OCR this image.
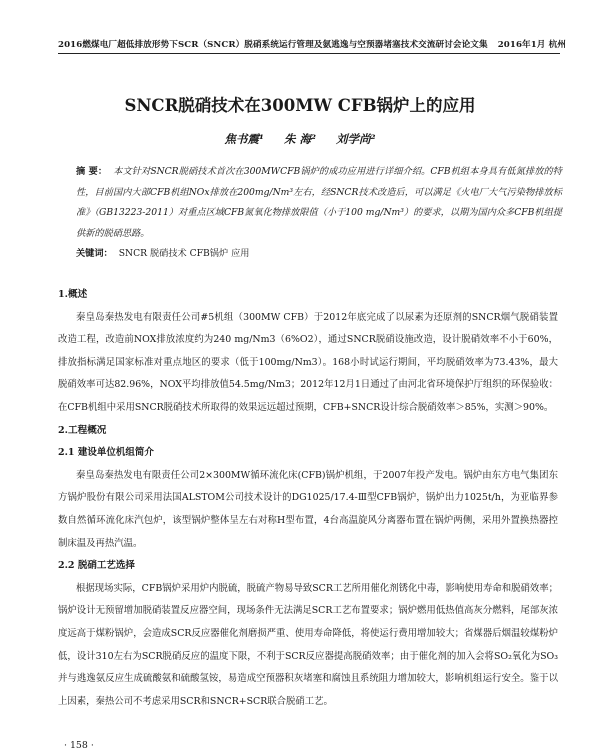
2016燃煤电厂超低排放形势下SCR（SNCR）脱硝系统运行管理及氨逃逸与空预器堵塞技术交流研讨会论文集 2016年1月 杭州
SNCR脱硝技术在300MW CFB锅炉上的应用
焦书震¹ 朱 海² 刘学尚²
摘 要： 本文针对SNCR脱硝技术首次在300MWCFB锅炉的成功应用进行详细介绍。CFB机组本身具有低氮排放的特性，目前国内大部CFB机组NOx排放在200mg/Nm³左右，经SNCR技术改造后，可以满足《火电厂大气污染物排放标准》（GB13223-2011）对重点区域CFB氮氧化物排放限值（小于100 mg/Nm³）的要求，以期为国内众多CFB机组提供新的脱硝思路。
关键词： SNCR 脱硝技术 CFB锅炉 应用
1.概述

秦皇岛秦热发电有限责任公司#5机组（300MW CFB）于2012年底完成了以尿素为还原剂的SNCR烟气脱硝装置改造工程，改造前NOX排放浓度约为240 mg/Nm3（6%O2），通过SNCR脱硝设施改造，设计脱硝效率不小于60%，排放指标满足国家标准对重点地区的要求（低于100mg/Nm3）。168小时试运行期间，平均脱硝效率为73.43%，最大脱硝效率可达82.96%，NOX平均排放值54.5mg/Nm3；2012年12月1日通过了由河北省环境保护厅组织的环保验收：在CFB机组中采用SNCR脱硝技术所取得的效果远远超过预期，CFB+SNCR设计综合脱硝效率＞85%，实测＞90%。

2.工程概况
2.1 建设单位机组简介

秦皇岛秦热发电有限责任公司2×300MW循环流化床(CFB)锅炉机组，于2007年投产发电。锅炉由东方电气集团东方锅炉股份有限公司采用法国ALSTOM公司技术设计的DG1025/17.4-Ⅲ型CFB锅炉，锅炉出力1025t/h，为亚临界参数自然循环流化床汽包炉，该型锅炉整体呈左右对称H型布置，4台高温旋风分离器布置在锅炉两侧，采用外置换热器控制床温及再热汽温。

2.2 脱硝工艺选择

根据现场实际，CFB锅炉采用炉内脱硫，脱硫产物易导致SCR工艺所用催化剂锈化中毒，影响使用寿命和脱硝效率；锅炉设计无预留增加脱硝装置反应器空间，现场条件无法满足SCR工艺布置要求；锅炉燃用低热值高灰分燃料，尾部灰浓度远高于煤粉锅炉，会造成SCR反应器催化剂磨损严重、使用寿命降低，将使运行费用增加较大；省煤器后烟温较煤粉炉低，设计310左右为SCR脱硝反应的温度下限，不利于SCR反应器提高脱硝效率；由于催化剂的加入会将SO₂氧化为SO₃并与逃逸氨反应生成硫酸氨和硫酸氢铵，易造成空预器积灰堵塞和腐蚀且系统阻力增加较大，影响机组运行安全。鉴于以上因素，秦热公司不考虑采用SCR和SNCR+SCR联合脱硝工艺。

· 158 ·
